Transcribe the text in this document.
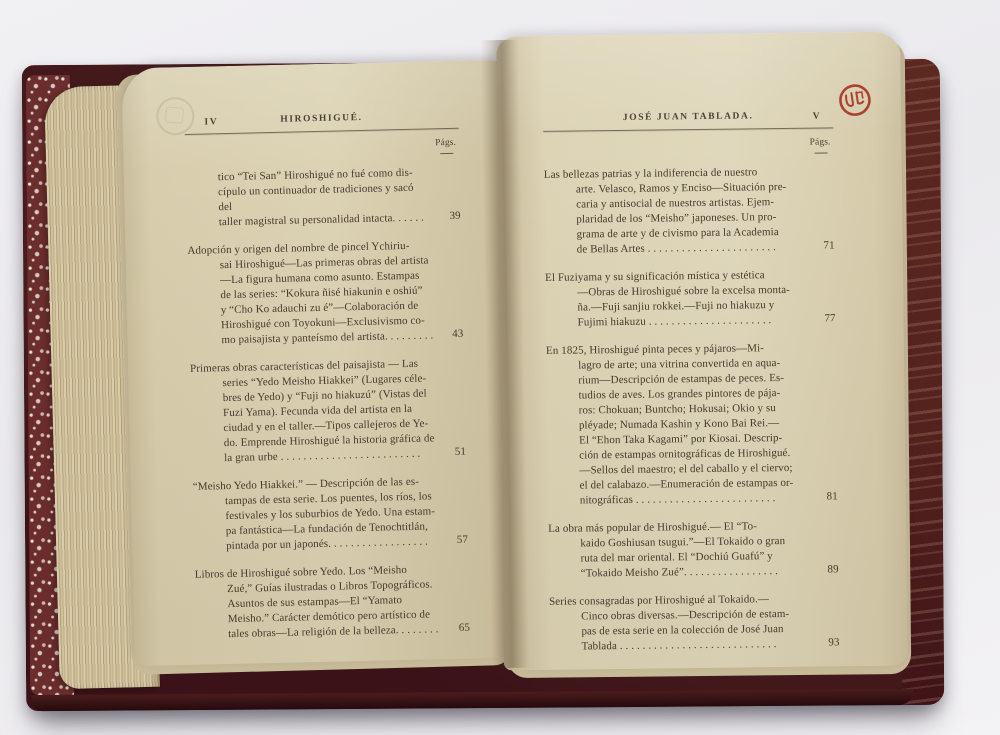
IV	HIROSHIGUÉ.
Págs.

tico “Tei San” Hiroshigué no fué como dis-
cípulo un continuador de tradiciones y sacó del
taller magistral su personalidad intacta. . . . . .	39

Adopción y origen del nombre de pincel Ychiriu-
sai Hiroshigué—Las primeras obras del artista
—La figura humana como asunto. Estampas
de las series: “Kokura ñisé hiakunin e oshiú”
y “Cho Ko adauchi zu é”—Colaboración de
Hiroshigué con Toyokuni—Exclusivismo co-
mo paisajista y panteísmo del artista. . . . . . . . . 43

Primeras obras características del paisajista — Las
series “Yedo Meisho Hiakkei” (Lugares céle-
bres de Yedo) y “Fuji no hiakuzú” (Vistas del
Fuzi Yama). Fecunda vida del artista en la
ciudad y en el taller.—Tipos callejeros de Ye-
do. Emprende Hiroshigué la historia gráfica de
la gran urbe . . . . . . . . . . . . . . . . . . . . . . . . .	51

“Meisho Yedo Hiakkei.” — Descripción de las es-
tampas de esta serie. Los puentes, los ríos, los
festivales y los suburbios de Yedo. Una estam-
pa fantástica—La fundación de Tenochtitlán,
pintada por un japonés. . . . . . . . . . . . . . . . . .	57

Libros de Hiroshigué sobre Yedo. Los “Meisho
Zué,” Guías ilustradas o Libros Topográficos.
Asuntos de sus estampas—El “Yamato
Meisho.” Carácter demótico pero artístico de
tales obras—La religión de la belleza. . . . . . . . 65
JOSÉ JUAN TABLADA.	V
Págs.

Las bellezas patrias y la indiferencia de nuestro
arte. Velasco, Ramos y Enciso—Situación pre-
caria y antisocial de nuestros artistas. Ejem-
plaridad de los “Meisho” japoneses. Un pro-
grama de arte y de civismo para la Academia
de Bellas Artes . . . . . . . . . . . . . . . . . . . . . . .	71

El Fuziyama y su significación mística y estética
—Obras de Hiroshigué sobre la excelsa monta-
ña.—Fuji sanjiu rokkei.—Fuji no hiakuzu y
Fujimi hiakuzu . . . . . . . . . . . . . . . . . . . . . .	77

En 1825, Hiroshigué pinta peces y pájaros—Mi-
lagro de arte; una vitrina convertida en aqua-
rium—Descripción de estampas de peces. Es-
tudios de aves. Los grandes pintores de pája-
ros: Chokuan; Buntcho; Hokusai; Okio y su
pléyade; Numada Kashin y Kono Bai Rei.—
El “Ehon Taka Kagami” por Kiosai. Descrip-
ción de estampas ornitográficas de Hiroshigué.
—Sellos del maestro; el del caballo y el ciervo;
el del calabazo.—Enumeración de estampas or-
nitográficas . . . . . . . . . . . . . . . . . . . . . . . . .	81

La obra más popular de Hiroshigué.— El “To-
kaido Goshiusan tsugui.”—El Tokaido o gran
ruta del mar oriental. El “Dochiú Guafú” y
“Tokaido Meisho Zué”. . . . . . . . . . . . . . . . .	89

Series consagradas por Hiroshigué al Tokaido.—
Cinco obras diversas.—Descripción de estam-
pas de esta serie en la colección de José Juan
Tablada . . . . . . . . . . . . . . . . . . . . . . . . . . . .	93
